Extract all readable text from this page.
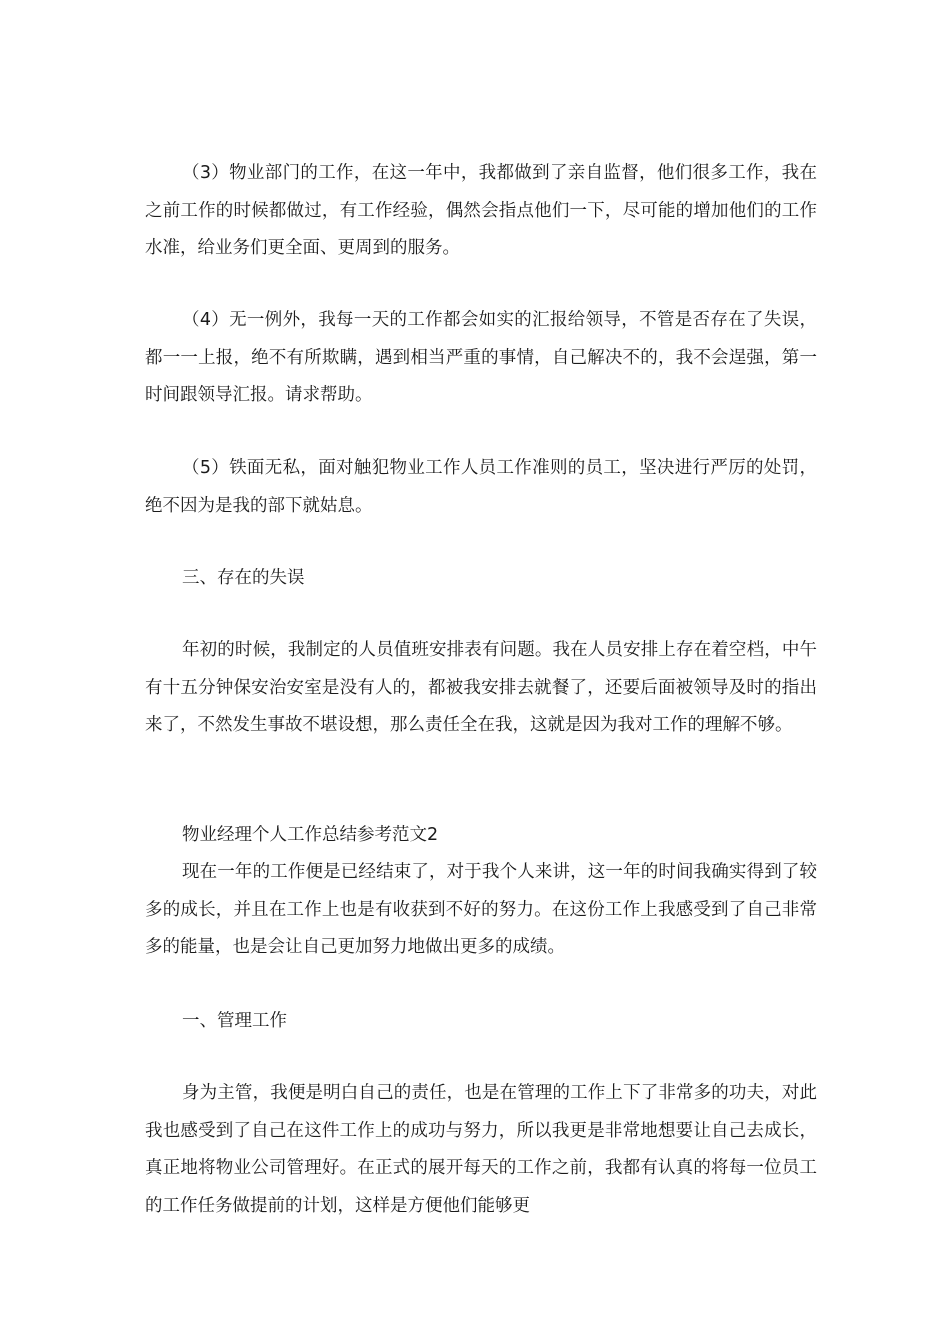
（3）物业部门的工作，在这一年中，我都做到了亲自监督，他们很多工作，我在之前工作的时候都做过，有工作经验，偶然会指点他们一下，尽可能的增加他们的工作水准，给业务们更全面、更周到的服务。

（4）无一例外，我每一天的工作都会如实的汇报给领导，不管是否存在了失误，都一一上报，绝不有所欺瞒，遇到相当严重的事情，自己解决不的，我不会逞强，第一时间跟领导汇报。请求帮助。

（5）铁面无私，面对触犯物业工作人员工作准则的员工，坚决进行严厉的处罚，绝不因为是我的部下就姑息。

三、存在的失误

年初的时候，我制定的人员值班安排表有问题。我在人员安排上存在着空档，中午有十五分钟保安治安室是没有人的，都被我安排去就餐了，还要后面被领导及时的指出来了，不然发生事故不堪设想，那么责任全在我，这就是因为我对工作的理解不够。

物业经理个人工作总结参考范文2

现在一年的工作便是已经结束了，对于我个人来讲，这一年的时间我确实得到了较多的成长，并且在工作上也是有收获到不好的努力。在这份工作上我感受到了自己非常多的能量，也是会让自己更加努力地做出更多的成绩。

一、管理工作

身为主管，我便是明白自己的责任，也是在管理的工作上下了非常多的功夫，对此我也感受到了自己在这件工作上的成功与努力，所以我更是非常地想要让自己去成长，真正地将物业公司管理好。在正式的展开每天的工作之前，我都有认真的将每一位员工的工作任务做提前的计划，这样是方便他们能够更
